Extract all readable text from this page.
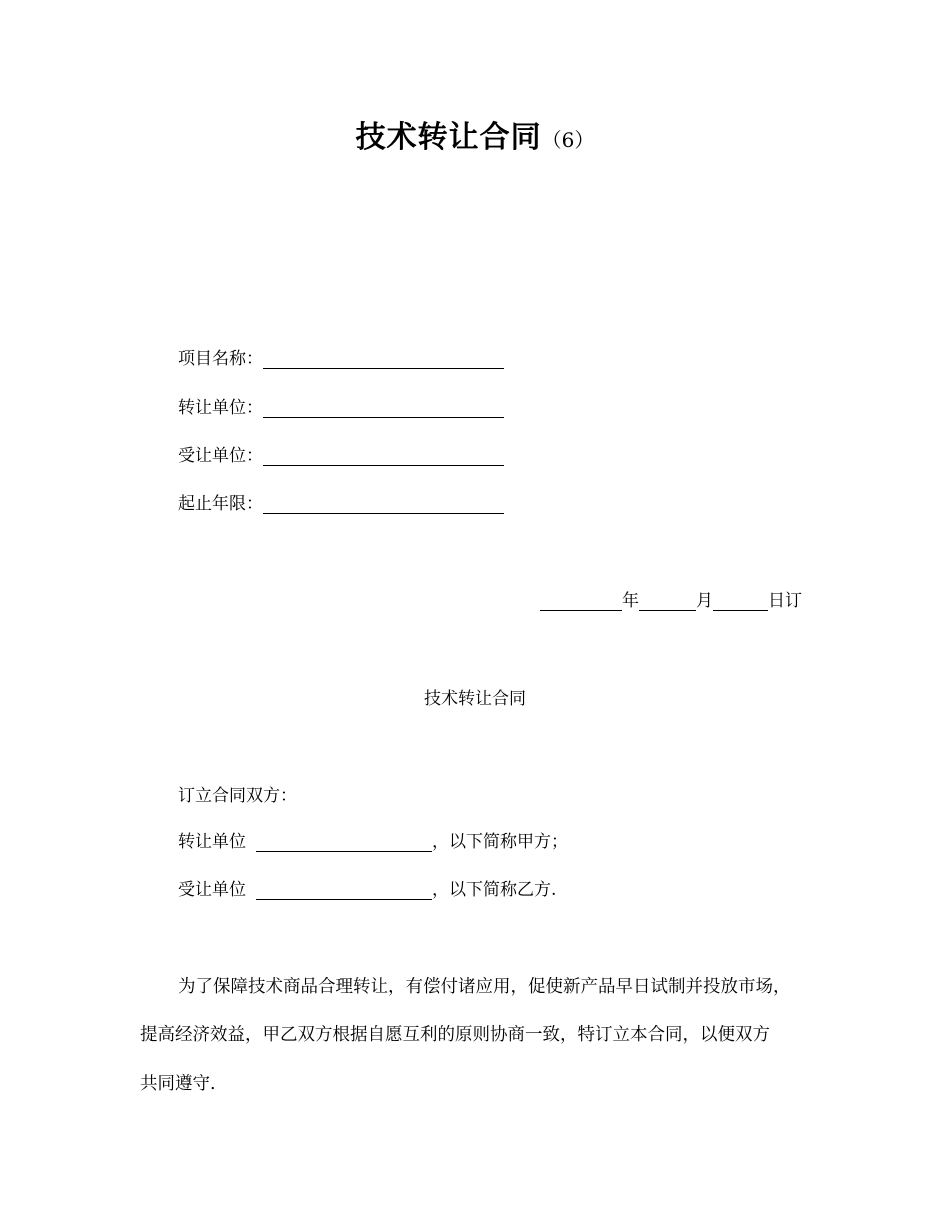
技术转让合同（6）
项目名称：
转让单位：
受让单位：
起止年限：
年	月	日订
技术转让合同
订立合同双方：
转让单位	，以下简称甲方；
受让单位	，以下简称乙方.
为了保障技术商品合理转让，有偿付诸应用，促使新产品早日试制并投放市场，
提高经济效益，甲乙双方根据自愿互利的原则协商一致，特订立本合同，以便双方
共同遵守.
